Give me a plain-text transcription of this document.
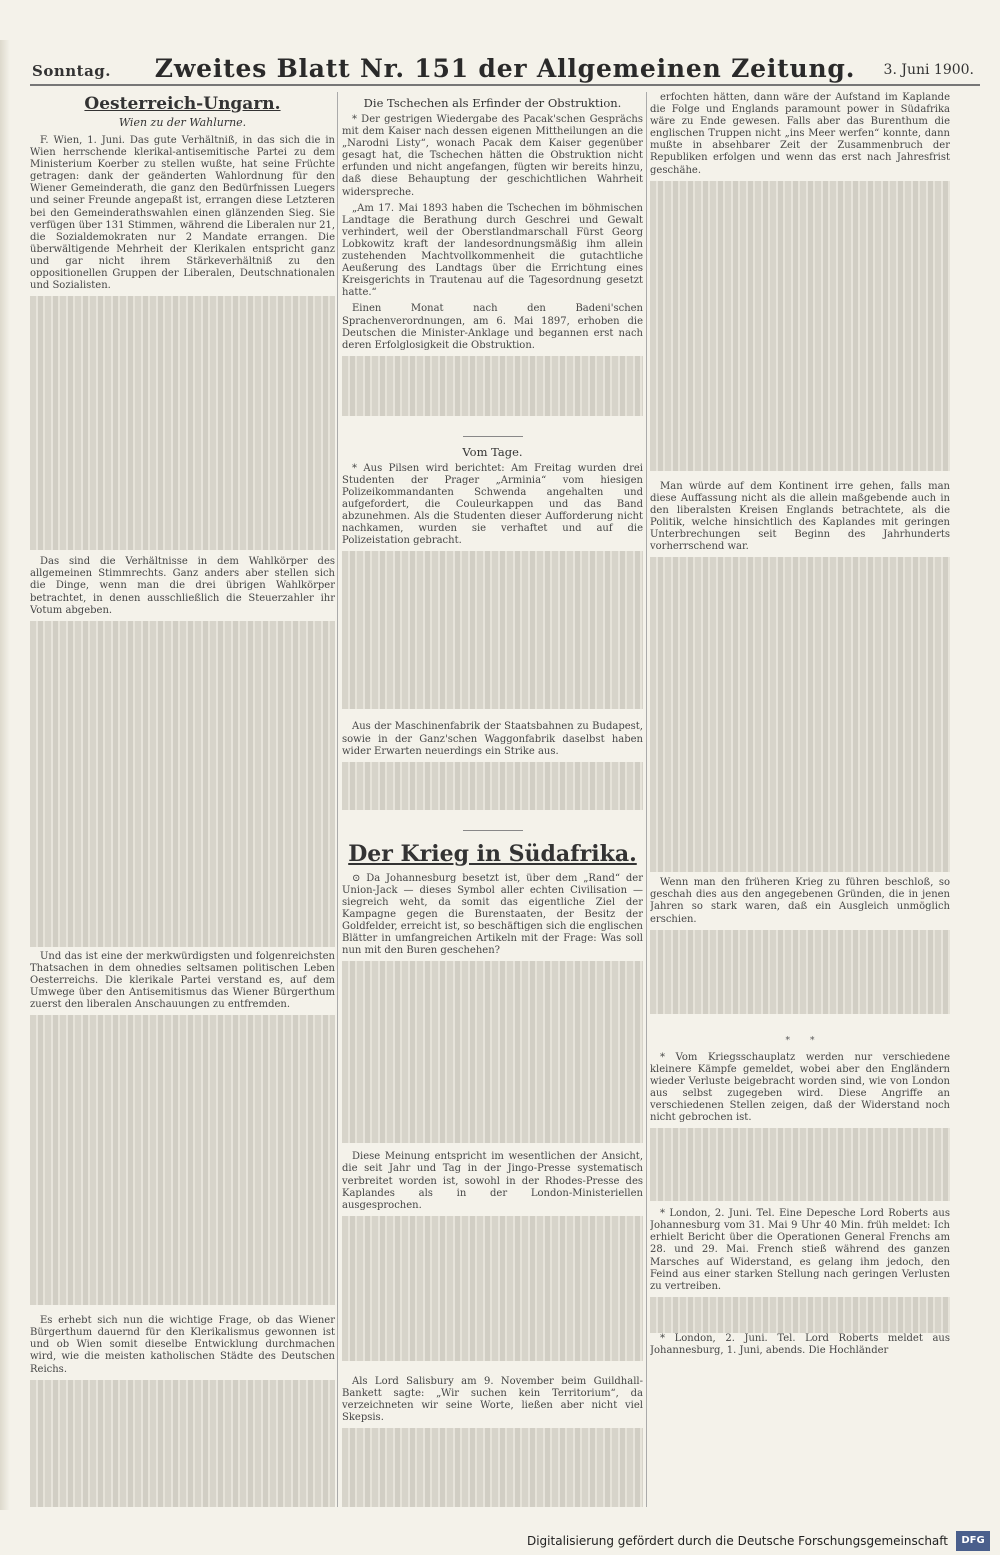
Sonntag.	Zweites Blatt Nr. 151 der Allgemeinen Zeitung.	3. Juni 1900.
Oesterreich-Ungarn.
Wien zu der Wahlurne.

F. Wien, 1. Juni. Das gute Verhältniß, in das sich die in Wien herrschende klerikal-antisemitische Partei zu dem Ministerium Koerber zu stellen wußte, hat seine Früchte getragen: dank der geänderten Wahlordnung für den Wiener Gemeinderath, die ganz den Bedürfnissen Luegers und seiner Freunde angepaßt ist, errangen diese Letzteren bei den Gemeinderathswahlen einen glänzenden Sieg. Sie verfügen über 131 Stimmen, während die Liberalen nur 21, die Sozialdemokraten nur 2 Mandate errangen. Die überwältigende Mehrheit der Klerikalen entspricht ganz und gar nicht ihrem Stärkeverhältniß zu den oppositionellen Gruppen der Liberalen, Deutschnationalen und Sozialisten.

Das sind die Verhältnisse in dem Wahlkörper des allgemeinen Stimmrechts. Ganz anders aber stellen sich die Dinge, wenn man die drei übrigen Wahlkörper betrachtet, in denen ausschließlich die Steuerzahler ihr Votum abgeben.

Und das ist eine der merkwürdigsten und folgenreichsten Thatsachen in dem ohnedies seltsamen politischen Leben Oesterreichs. Die klerikale Partei verstand es, auf dem Umwege über den Antisemitismus das Wiener Bürgerthum zuerst den liberalen Anschauungen zu entfremden.

Es erhebt sich nun die wichtige Frage, ob das Wiener Bürgerthum dauernd für den Klerikalismus gewonnen ist und ob Wien somit dieselbe Entwicklung durchmachen wird, wie die meisten katholischen Städte des Deutschen Reichs.

Die Tschechen als Erfinder der Obstruktion.

* Der gestrigen Wiedergabe des Pacak'schen Gesprächs mit dem Kaiser nach dessen eigenen Mittheilungen an die „Narodni Listy“, wonach Pacak dem Kaiser gegenüber gesagt hat, die Tschechen hätten die Obstruktion nicht erfunden und nicht angefangen, fügten wir bereits hinzu, daß diese Behauptung der geschichtlichen Wahrheit widerspreche.

„Am 17. Mai 1893 haben die Tschechen im böhmischen Landtage die Berathung durch Geschrei und Gewalt verhindert, weil der Oberstlandmarschall Fürst Georg Lobkowitz kraft der landesordnungsmäßig ihm allein zustehenden Machtvollkommenheit die gutachtliche Aeußerung des Landtags über die Errichtung eines Kreisgerichts in Trautenau auf die Tagesordnung gesetzt hatte.“

Einen Monat nach den Badeni'schen Sprachenverordnungen, am 6. Mai 1897, erhoben die Deutschen die Minister-Anklage und begannen erst nach deren Erfolglosigkeit die Obstruktion.

Vom Tage.

* Aus Pilsen wird berichtet: Am Freitag wurden drei Studenten der Prager „Arminia“ vom hiesigen Polizeikommandanten Schwenda angehalten und aufgefordert, die Couleurkappen und das Band abzunehmen. Als die Studenten dieser Aufforderung nicht nachkamen, wurden sie verhaftet und auf die Polizeistation gebracht.

Aus der Maschinenfabrik der Staatsbahnen zu Budapest, sowie in der Ganz'schen Waggonfabrik daselbst haben wider Erwarten neuerdings ein Strike aus.

Der Krieg in Südafrika.

⊙ Da Johannesburg besetzt ist, über dem „Rand“ der Union-Jack — dieses Symbol aller echten Civilisation — siegreich weht, da somit das eigentliche Ziel der Kampagne gegen die Burenstaaten, der Besitz der Goldfelder, erreicht ist, so beschäftigen sich die englischen Blätter in umfangreichen Artikeln mit der Frage: Was soll nun mit den Buren geschehen?

Diese Meinung entspricht im wesentlichen der Ansicht, die seit Jahr und Tag in der Jingo-Presse systematisch verbreitet worden ist, sowohl in der Rhodes-Presse des Kaplandes als in der London-Ministeriellen ausgesprochen.

Als Lord Salisbury am 9. November beim Guildhall-Bankett sagte: „Wir suchen kein Territorium“, da verzeichneten wir seine Worte, ließen aber nicht viel Skepsis.

erfochten hätten, dann wäre der Aufstand im Kaplande die Folge und Englands paramount power in Südafrika wäre zu Ende gewesen. Falls aber das Burenthum die englischen Truppen nicht „ins Meer werfen“ konnte, dann mußte in absehbarer Zeit der Zusammenbruch der Republiken erfolgen und wenn das erst nach Jahresfrist geschähe.

Man würde auf dem Kontinent irre gehen, falls man diese Auffassung nicht als die allein maßgebende auch in den liberalsten Kreisen Englands betrachtete, als die Politik, welche hinsichtlich des Kaplandes mit geringen Unterbrechungen seit Beginn des Jahrhunderts vorherrschend war.

Wenn man den früheren Krieg zu führen beschloß, so geschah dies aus den angegebenen Gründen, die in jenen Jahren so stark waren, daß ein Ausgleich unmöglich erschien.

*       *

* Vom Kriegsschauplatz werden nur verschiedene kleinere Kämpfe gemeldet, wobei aber den Engländern wieder Verluste beigebracht worden sind, wie von London aus selbst zugegeben wird. Diese Angriffe an verschiedenen Stellen zeigen, daß der Widerstand noch nicht gebrochen ist.

* London, 2. Juni. Tel. Eine Depesche Lord Roberts aus Johannesburg vom 31. Mai 9 Uhr 40 Min. früh meldet: Ich erhielt Bericht über die Operationen General Frenchs am 28. und 29. Mai. French stieß während des ganzen Marsches auf Widerstand, es gelang ihm jedoch, den Feind aus einer starken Stellung nach geringen Verlusten zu vertreiben.

* London, 2. Juni. Tel. Lord Roberts meldet aus Johannesburg, 1. Juni, abends. Die Hochländer

Digitalisierung gefördert durch die Deutsche Forschungsgemeinschaft	DFG
